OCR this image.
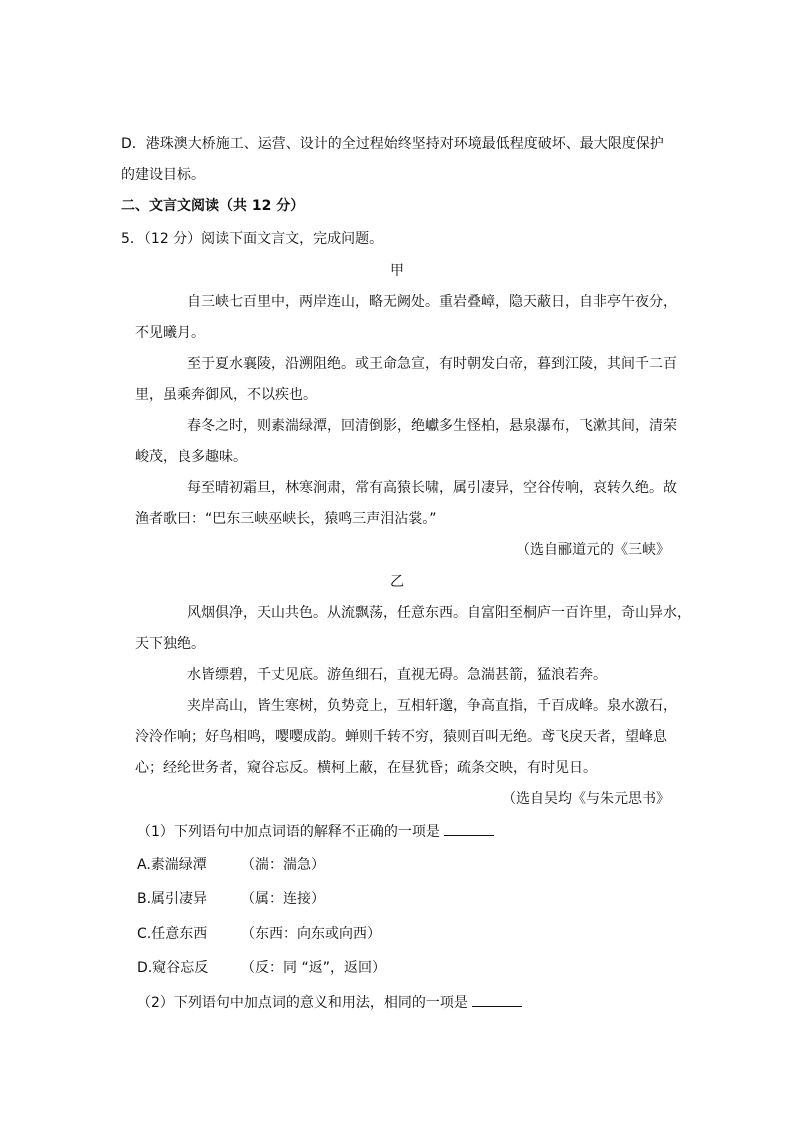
D．港珠澳大桥施工、运营、设计的全过程始终坚持对环境最低程度破坏、最大限度保护
的建设目标。
二、文言文阅读（共 12 分）
5．（12 分）阅读下面文言文，完成问题。
甲
自三峡七百里中，两岸连山，略无阙处。重岩叠嶂，隐天蔽日，自非亭午夜分，
不见曦月。
至于夏水襄陵，沿溯阻绝。或王命急宣，有时朝发白帝，暮到江陵，其间千二百
里，虽乘奔御风，不以疾也。
春冬之时，则素湍绿潭，回清倒影，绝巘多生怪柏，悬泉瀑布，飞漱其间，清荣
峻茂，良多趣味。
每至晴初霜旦，林寒涧肃，常有高猿长啸，属引凄异，空谷传响，哀转久绝。故
渔者歌曰：“巴东三峡巫峡长，猿鸣三声泪沾裳。”
（选自郦道元的《三峡》
乙
风烟俱净，天山共色。从流飘荡，任意东西。自富阳至桐庐一百许里，奇山异水，
天下独绝。
水皆缥碧，千丈见底。游鱼细石，直视无碍。急湍甚箭，猛浪若奔。
夹岸高山，皆生寒树，负势竞上，互相轩邈，争高直指，千百成峰。泉水激石，
泠泠作响；好鸟相鸣，嘤嘤成韵。蝉则千转不穷，猿则百叫无绝。鸢飞戾天者，望峰息
心；经纶世务者，窥谷忘反。横柯上蔽，在昼犹昏；疏条交映，有时见日。
（选自吴均《与朱元思书》
（1）下列语句中加点词语的解释不正确的一项是
A.素湍绿潭 （湍：湍急）
B.属引凄异 （属：连接）
C.任意东西 （东西：向东或向西）
D.窥谷忘反 （反：同 “返”，返回）
（2）下列语句中加点词的意义和用法，相同的一项是
